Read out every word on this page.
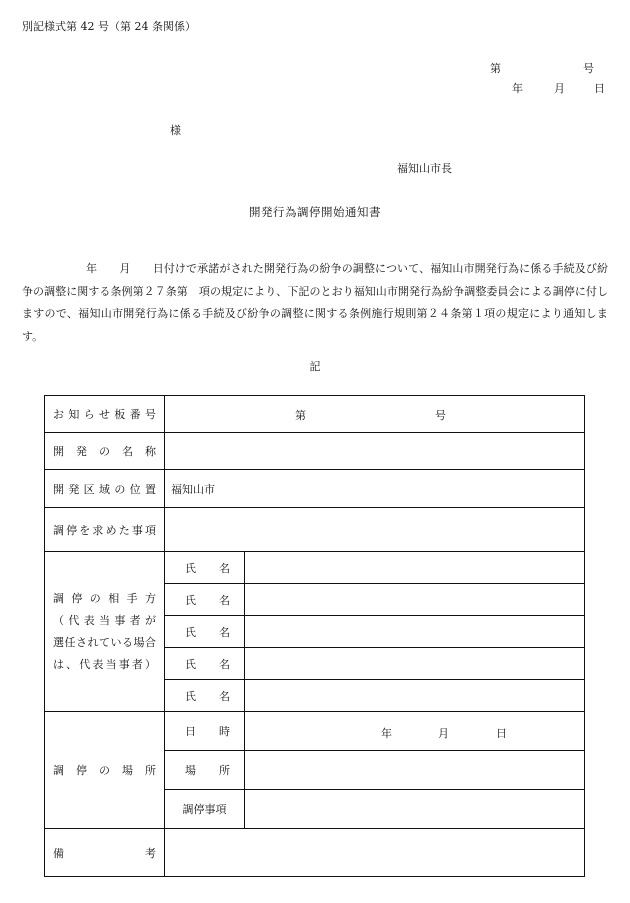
別記様式第 42 号（第 24 条関係）
第	号
年	月	日
様
福知山市長
開発行為調停開始通知書
年　　月　　日付けで承諾がされた開発行為の紛争の調整について、福知山市開発行為に係る手続及び紛争の調整に関する条例第２７条第　項の規定により、下記のとおり福知山市開発行為紛争調整委員会による調停に付しますので、福知山市開発行為に係る手続及び紛争の調整に関する条例施行規則第２４条第１項の規定により通知します。
記
お知らせ板番号	第 号	

開発の名称		
開発区域の位置	福知山市	
調停を求めた事項		

調停の相手方
（代表当事者が
選任されている場合
は、代表当事者）	氏名	
	氏名	
	氏名	
	氏名	
	氏名	
調停の場所	日時	年 月 日

	場所	
	調停事項	
備考		
